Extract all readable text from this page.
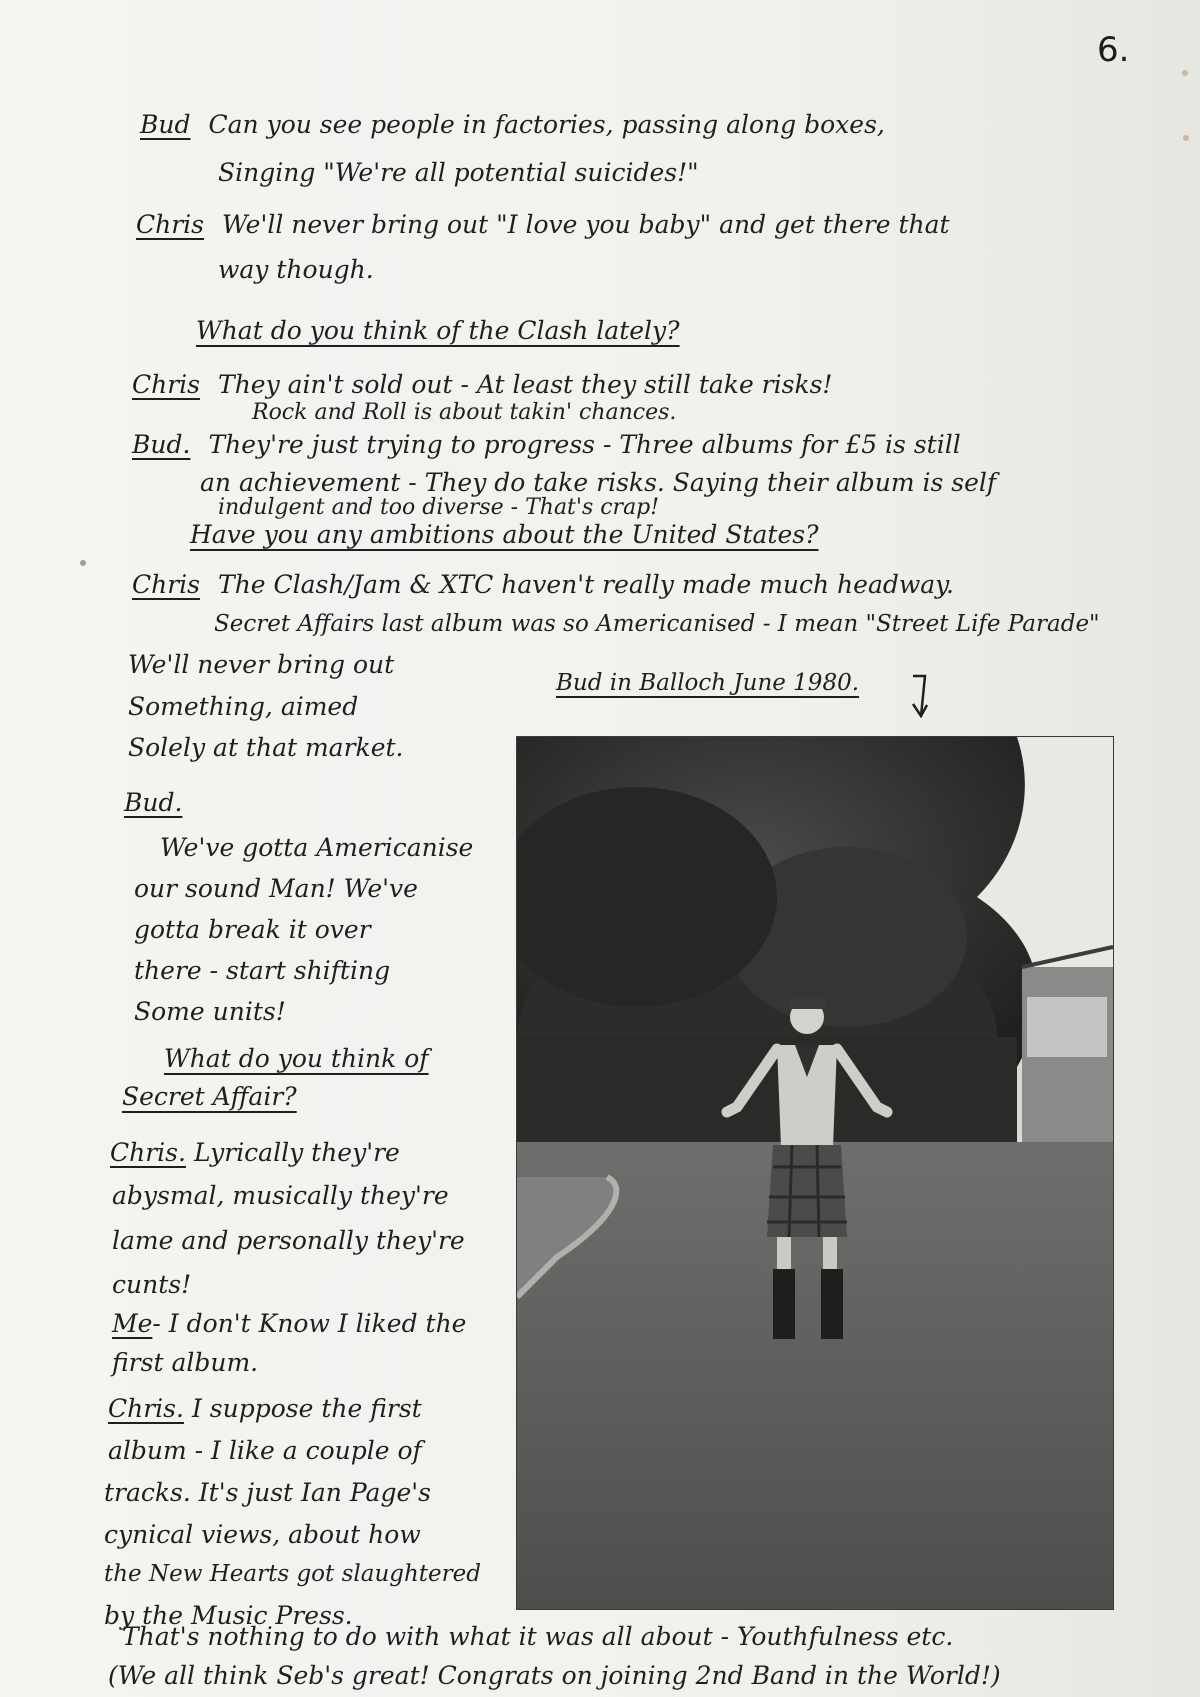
6.
Bud Can you see people in factories, passing along boxes,
Singing "We're all potential suicides!"
Chris We'll never bring out "I love you baby" and get there that
way though.
What do you think of the Clash lately?
Chris They ain't sold out - At least they still take risks!
Rock and Roll is about takin' chances.
Bud. They're just trying to progress - Three albums for £5 is still
an achievement - They do take risks. Saying their album is self
indulgent and too diverse - That's crap!
Have you any ambitions about the United States?
Chris The Clash/Jam & XTC haven't really made much headway.
Secret Affairs last album was so Americanised - I mean "Street Life Parade"
We'll never bring out
Something, aimed
Solely at that market.
Bud.
We've gotta Americanise
our sound Man! We've
gotta break it over
there - start shifting
Some units!
What do you think of
Secret Affair?
Chris. Lyrically they're
abysmal, musically they're
lame and personally they're
cunts!
Me- I don't Know I liked the
first album.
Chris. I suppose the first
album - I like a couple of
tracks. It's just Ian Page's
cynical views, about how
the New Hearts got slaughtered
by the Music Press.
Bud in Balloch June 1980.
That's nothing to do with what it was all about - Youthfulness etc.
(We all think Seb's great! Congrats on joining 2nd Band in the World!)
